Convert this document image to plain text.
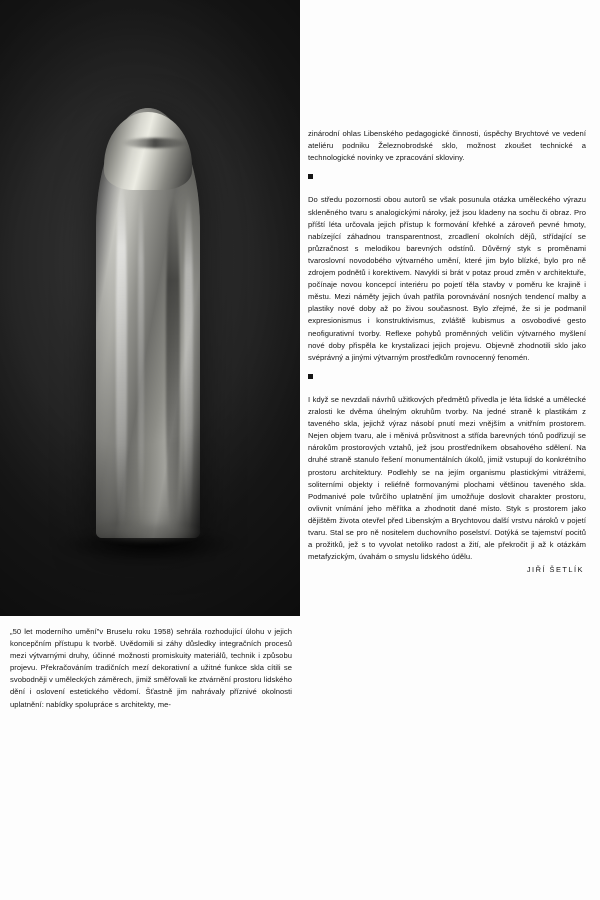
„50 let moderního umění"v Bruselu roku 1958) sehrála rozhodující úlohu v jejich koncepčním přístupu k tvorbě. Uvědomili si záhy důsledky integračních procesů mezi výtvarnými druhy, účinné možnosti promiskuity materiálů, technik i způsobu projevu. Překračováním tradičních mezí dekorativní a užitné funkce skla cítili se svobodněji v uměleckých záměrech, jimiž směřovali ke ztvárnění prostoru lidského dění i oslovení estetického vědomí. Šťastně jim nahrávaly příznivé okolnosti uplatnění: nabídky spolupráce s architekty, me-

zinárodní ohlas Libenského pedagogické činnosti, úspěchy Brychtové ve vedení ateliéru podniku Železnobrodské sklo, možnost zkoušet technické a technologické novinky ve zpracování skloviny.

Do středu pozornosti obou autorů se však posunula otázka uměleckého výrazu skleněného tvaru s analogickými nároky, jež jsou kladeny na sochu či obraz. Pro příští léta určovala jejich přístup k formování křehké a zároveň pevné hmoty, nabízející záhadnou transparentnost, zrcadlení okolních dějů, střídající se průzračnost s melodikou barevných odstínů. Důvěrný styk s proměnami tvaroslovní novodobého výtvarného umění, které jim bylo blízké, bylo pro ně zdrojem podnětů i korektivem. Navykli si brát v potaz proud změn v architektuře, počínaje novou koncepcí interiéru po pojetí těla stavby v poměru ke krajině i městu. Mezi náměty jejich úvah patřila porovnávání nosných tendencí malby a plastiky nové doby až po živou současnost. Bylo zřejmé, že si je podmanil expresionismus i konstruktivismus, zvláště kubismus a osvobodivé gesto neofigurativní tvorby. Reflexe pohybů proměnných veličin výtvarného myšlení nové doby přispěla ke krystalizaci jejich projevu. Objevně zhodnotili sklo jako svéprávný a jinými výtvarným prostředkům rovnocenný fenomén.

I když se nevzdali návrhů užitkových předmětů přivedla je léta lidské a umělecké zralosti ke dvěma úhelným okruhům tvorby. Na jedné straně k plastikám z taveného skla, jejichž výraz násobí pnutí mezi vnějším a vnitřním prostorem. Nejen objem tvaru, ale i měnivá průsvitnost a střída barevných tónů podřizují se nárokům prostorových vztahů, jež jsou prostředníkem obsahového sdělení. Na druhé straně stanulo řešení monumentálních úkolů, jimiž vstupují do konkrétního prostoru architektury. Podlehly se na jejím organismu plastickými vitrážemi, soliterními objekty i reliéfně formovanými plochami většinou taveného skla. Podmanivé pole tvůrčího uplatnění jim umožňuje doslovit charakter prostoru, ovlivnit vnímání jeho měřítka a zhodnotit dané místo. Styk s prostorem jako dějištěm života otevřel před Libenským a Brychtovou další vrstvu nároků v pojetí tvaru. Stal se pro ně nositelem duchovního poselství. Dotýká se tajemství pocitů a prožitků, jež s to vyvolat netoliko radost a žití, ale překročit ji až k otázkám metafyzickým, úvahám o smyslu lidského údělu.

JIŘÍ ŠETLÍK
